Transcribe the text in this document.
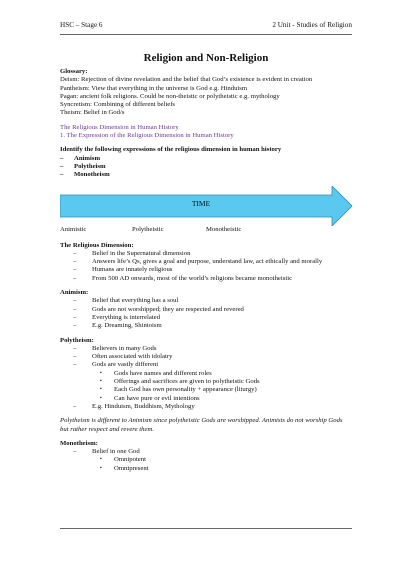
HSC – Stage 6	2 Unit - Studies of Religion
Religion and Non-Religion
Glossary:
Deism: Rejection of divine revelation and the belief that God’s existence is evident in creation
Pantheism: View that everything in the universe is God e.g. Hinduism
Pagan: ancient folk religions. Could be non-theistic or polytheistic e.g. mythology
Syncretism: Combining of different beliefs
Theism: Belief in God/s
The Religious Dimension in Human History
1. The Expression of the Religious Dimension in Human History
Identify the following expressions of the religious dimension in human history
– Animism
– Polytheism
– Monotheism
TIME
Animistic	Polytheistic	Monotheistic
The Religious Dimension:
– Belief in the Supernatural dimension
– Answers life’s Qs, gives a goal and purpose, understand law, act ethically and morally
– Humans are innately religious
– From 500 AD onwards, most of the world’s religions became monotheistic
Animism:
– Belief that everything has a soul
– Gods are not worshipped; they are respected and revered
– Everything is interrelated
– E.g. Dreaming, Shintoism
Polytheism:
– Believers in many Gods
– Often associated with idolatry
– Gods are vastly different
▪ Gods have names and different roles
▪ Offerings and sacrifices are given to polytheistic Gods
▪ Each God has own personality + appearance (liturgy)
▪ Can have pure or evil intentions
– E.g. Hinduism, Buddhism, Mythology
Polytheism is different to Animism since polytheistic Gods are worshipped. Animists do not worship Gods but rather respect and revere them.
Monotheism:
– Belief in one God
▪ Omnipotent
▪ Omnipresent
